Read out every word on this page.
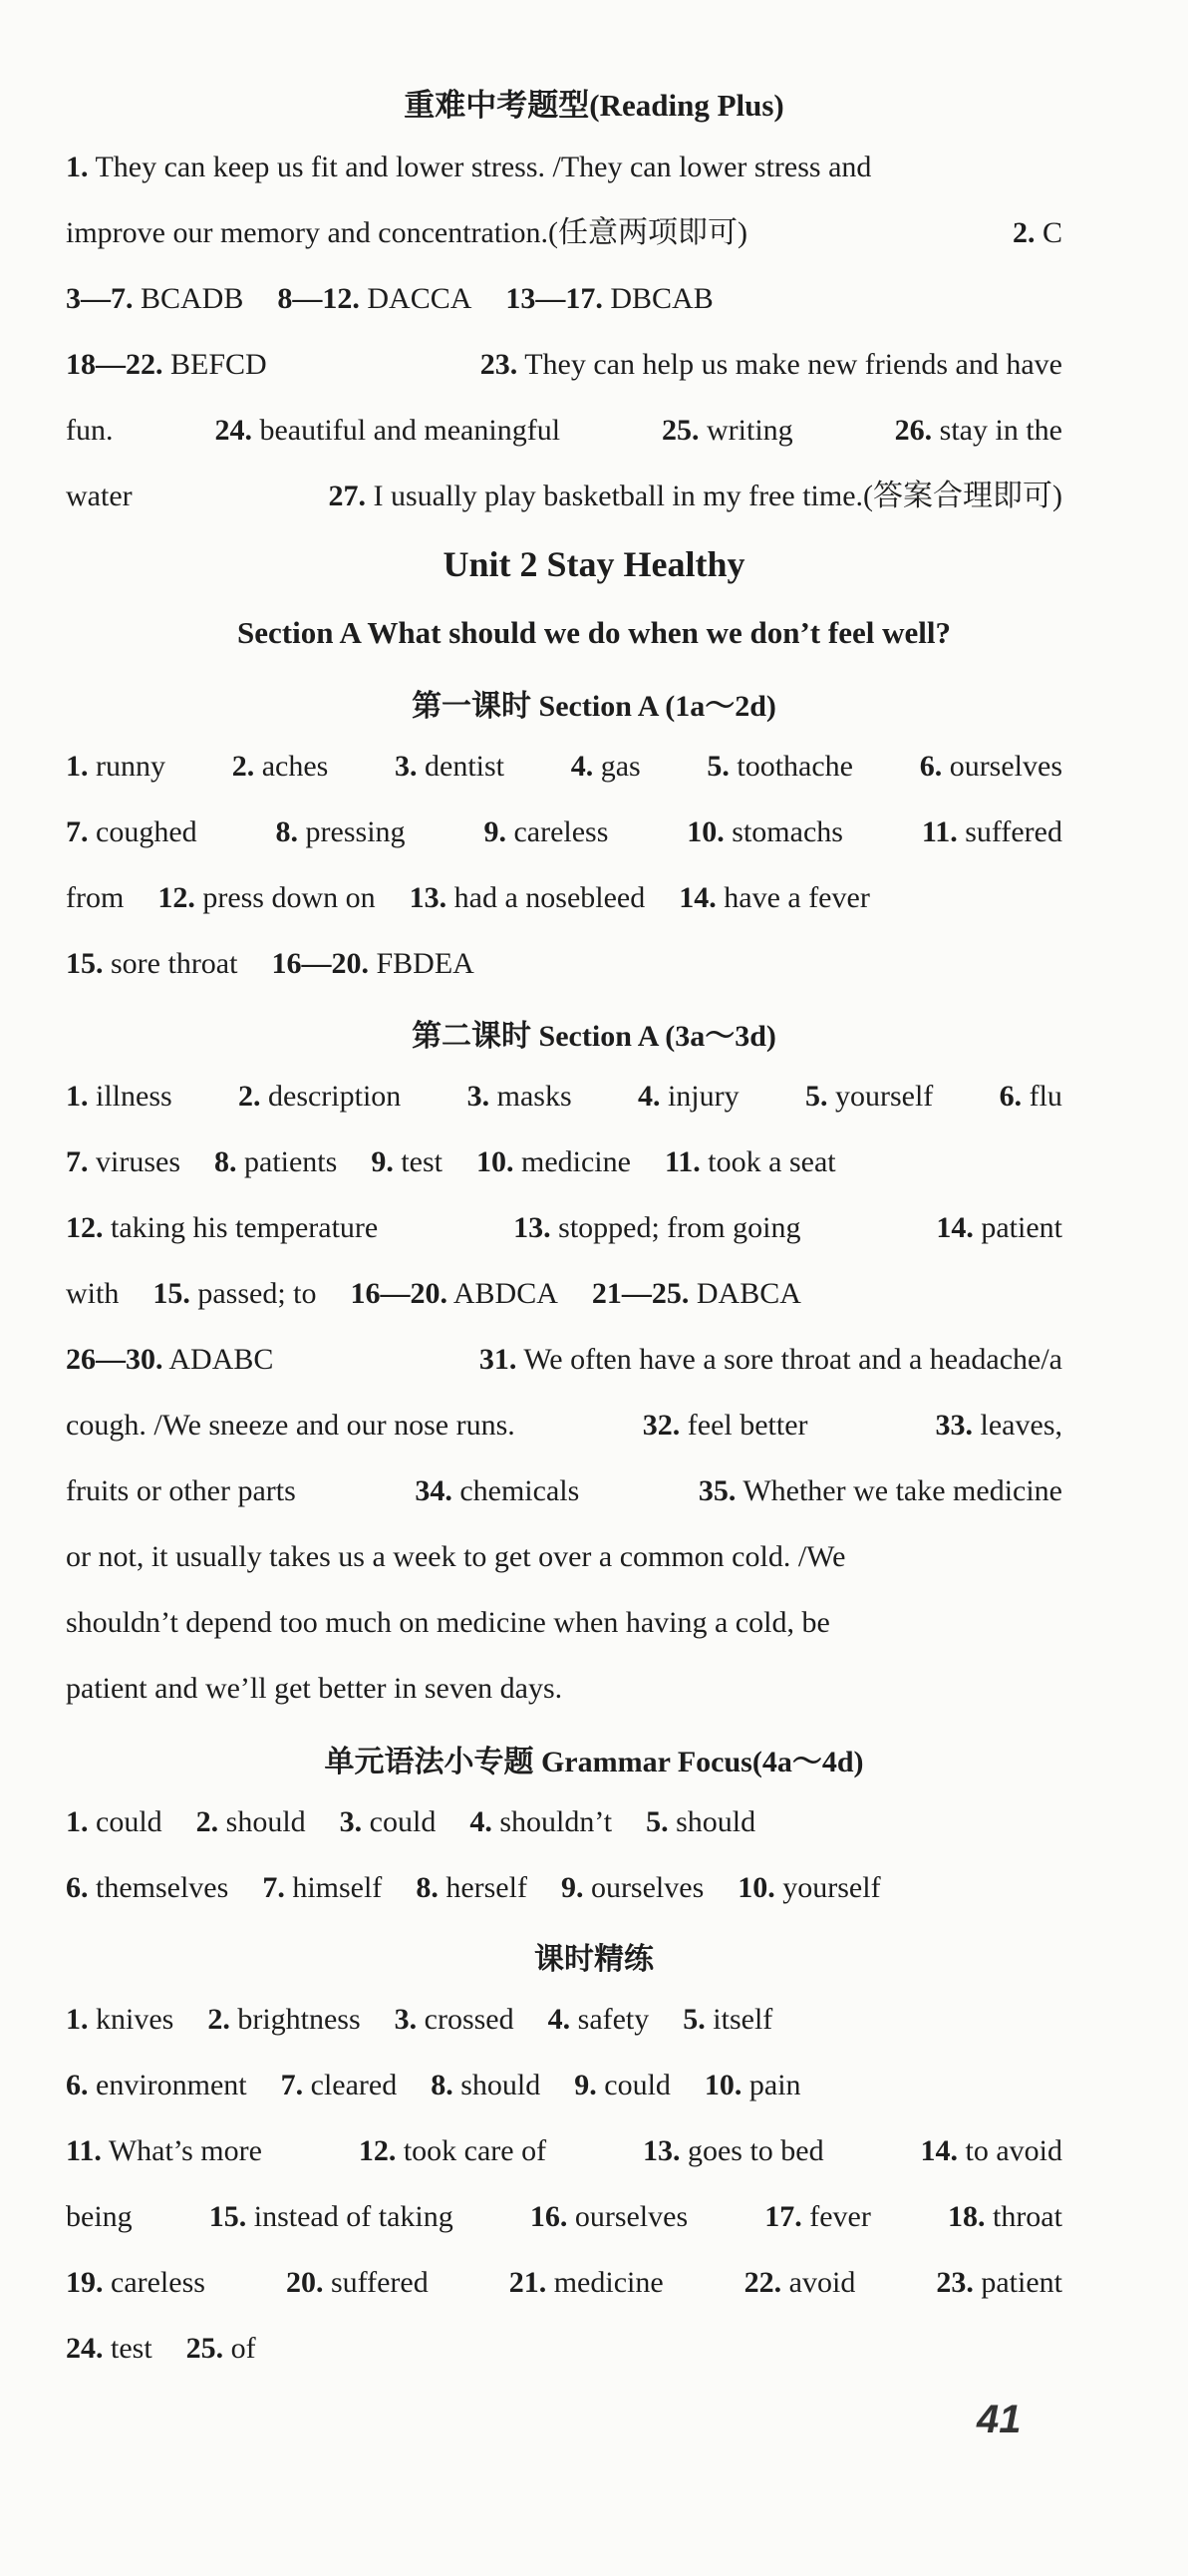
重难中考题型(Reading Plus)
1. They can keep us fit and lower stress. /They can lower stress and
improve our memory and concentration.(任意两项即可)	2. C
3—7. BCADB 8—12. DACCA 13—17. DBCAB
18—22. BEFCD	23. They can help us make new friends and have
fun.	24. beautiful and meaningful	25. writing	26. stay in the
water	27. I usually play basketball in my free time.(答案合理即可)
Unit 2 Stay Healthy
Section A What should we do when we don’t feel well?
第一课时 Section A (1a～2d)
1. runny 2. aches 3. dentist 4. gas 5. toothache 6. ourselves
7. coughed	8. pressing	9. careless	10. stomachs	11. suffered
from 12. press down on 13. had a nosebleed 14. have a fever
15. sore throat 16—20. FBDEA
第二课时 Section A (3a～3d)
1. illness 2. description 3. masks 4. injury 5. yourself 6. flu
7. viruses 8. patients 9. test 10. medicine 11. took a seat
12. taking his temperature	13. stopped; from going	14. patient
with 15. passed; to 16—20. ABDCA 21—25. DABCA
26—30. ADABC	31. We often have a sore throat and a headache/a
cough. /We sneeze and our nose runs.	32. feel better	33. leaves,
fruits or other parts	34. chemicals	35. Whether we take medicine
or not, it usually takes us a week to get over a common cold. /We
shouldn’t depend too much on medicine when having a cold, be
patient and we’ll get better in seven days.
单元语法小专题 Grammar Focus(4a～4d)
1. could 2. should 3. could 4. shouldn’t 5. should
6. themselves 7. himself 8. herself 9. ourselves 10. yourself
课时精练
1. knives 2. brightness 3. crossed 4. safety 5. itself
6. environment 7. cleared 8. should 9. could 10. pain
11. What’s more	12. took care of	13. goes to bed	14. to avoid
being	15. instead of taking	16. ourselves	17. fever	18. throat
19. careless	20. suffered	21. medicine	22. avoid	23. patient
24. test 25. of
41
